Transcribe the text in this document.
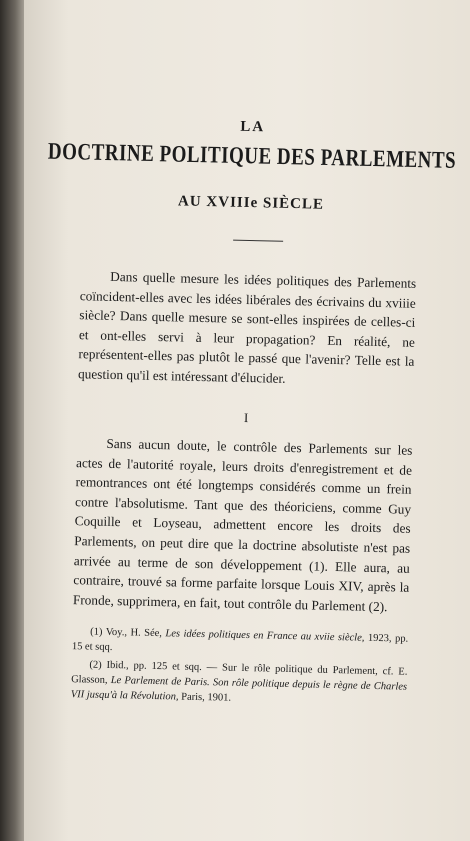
LA
DOCTRINE POLITIQUE DES PARLEMENTS
AU XVIIIe SIÈCLE

Dans quelle mesure les idées politiques des Parlements coïncident-elles avec les idées libérales des écrivains du xviiie siècle? Dans quelle mesure se sont-elles inspirées de celles-ci et ont-elles servi à leur propagation? En réalité, ne représentent-elles pas plutôt le passé que l'avenir? Telle est la question qu'il est intéressant d'élucider.

I

Sans aucun doute, le contrôle des Parlements sur les actes de l'autorité royale, leurs droits d'enregistrement et de remontrances ont été longtemps considérés comme un frein contre l'absolutisme. Tant que des théoriciens, comme Guy Coquille et Loyseau, admettent encore les droits des Parlements, on peut dire que la doctrine absolutiste n'est pas arrivée au terme de son développement (1). Elle aura, au contraire, trouvé sa forme parfaite lorsque Louis XIV, après la Fronde, supprimera, en fait, tout contrôle du Parlement (2).

(1) Voy., H. Sée, Les idées politiques en France au xviie siècle, 1923, pp. 15 et sqq.

(2) Ibid., pp. 125 et sqq. — Sur le rôle politique du Parlement, cf. E. Glasson, Le Parlement de Paris. Son rôle politique depuis le règne de Charles VII jusqu'à la Révolution, Paris, 1901.
